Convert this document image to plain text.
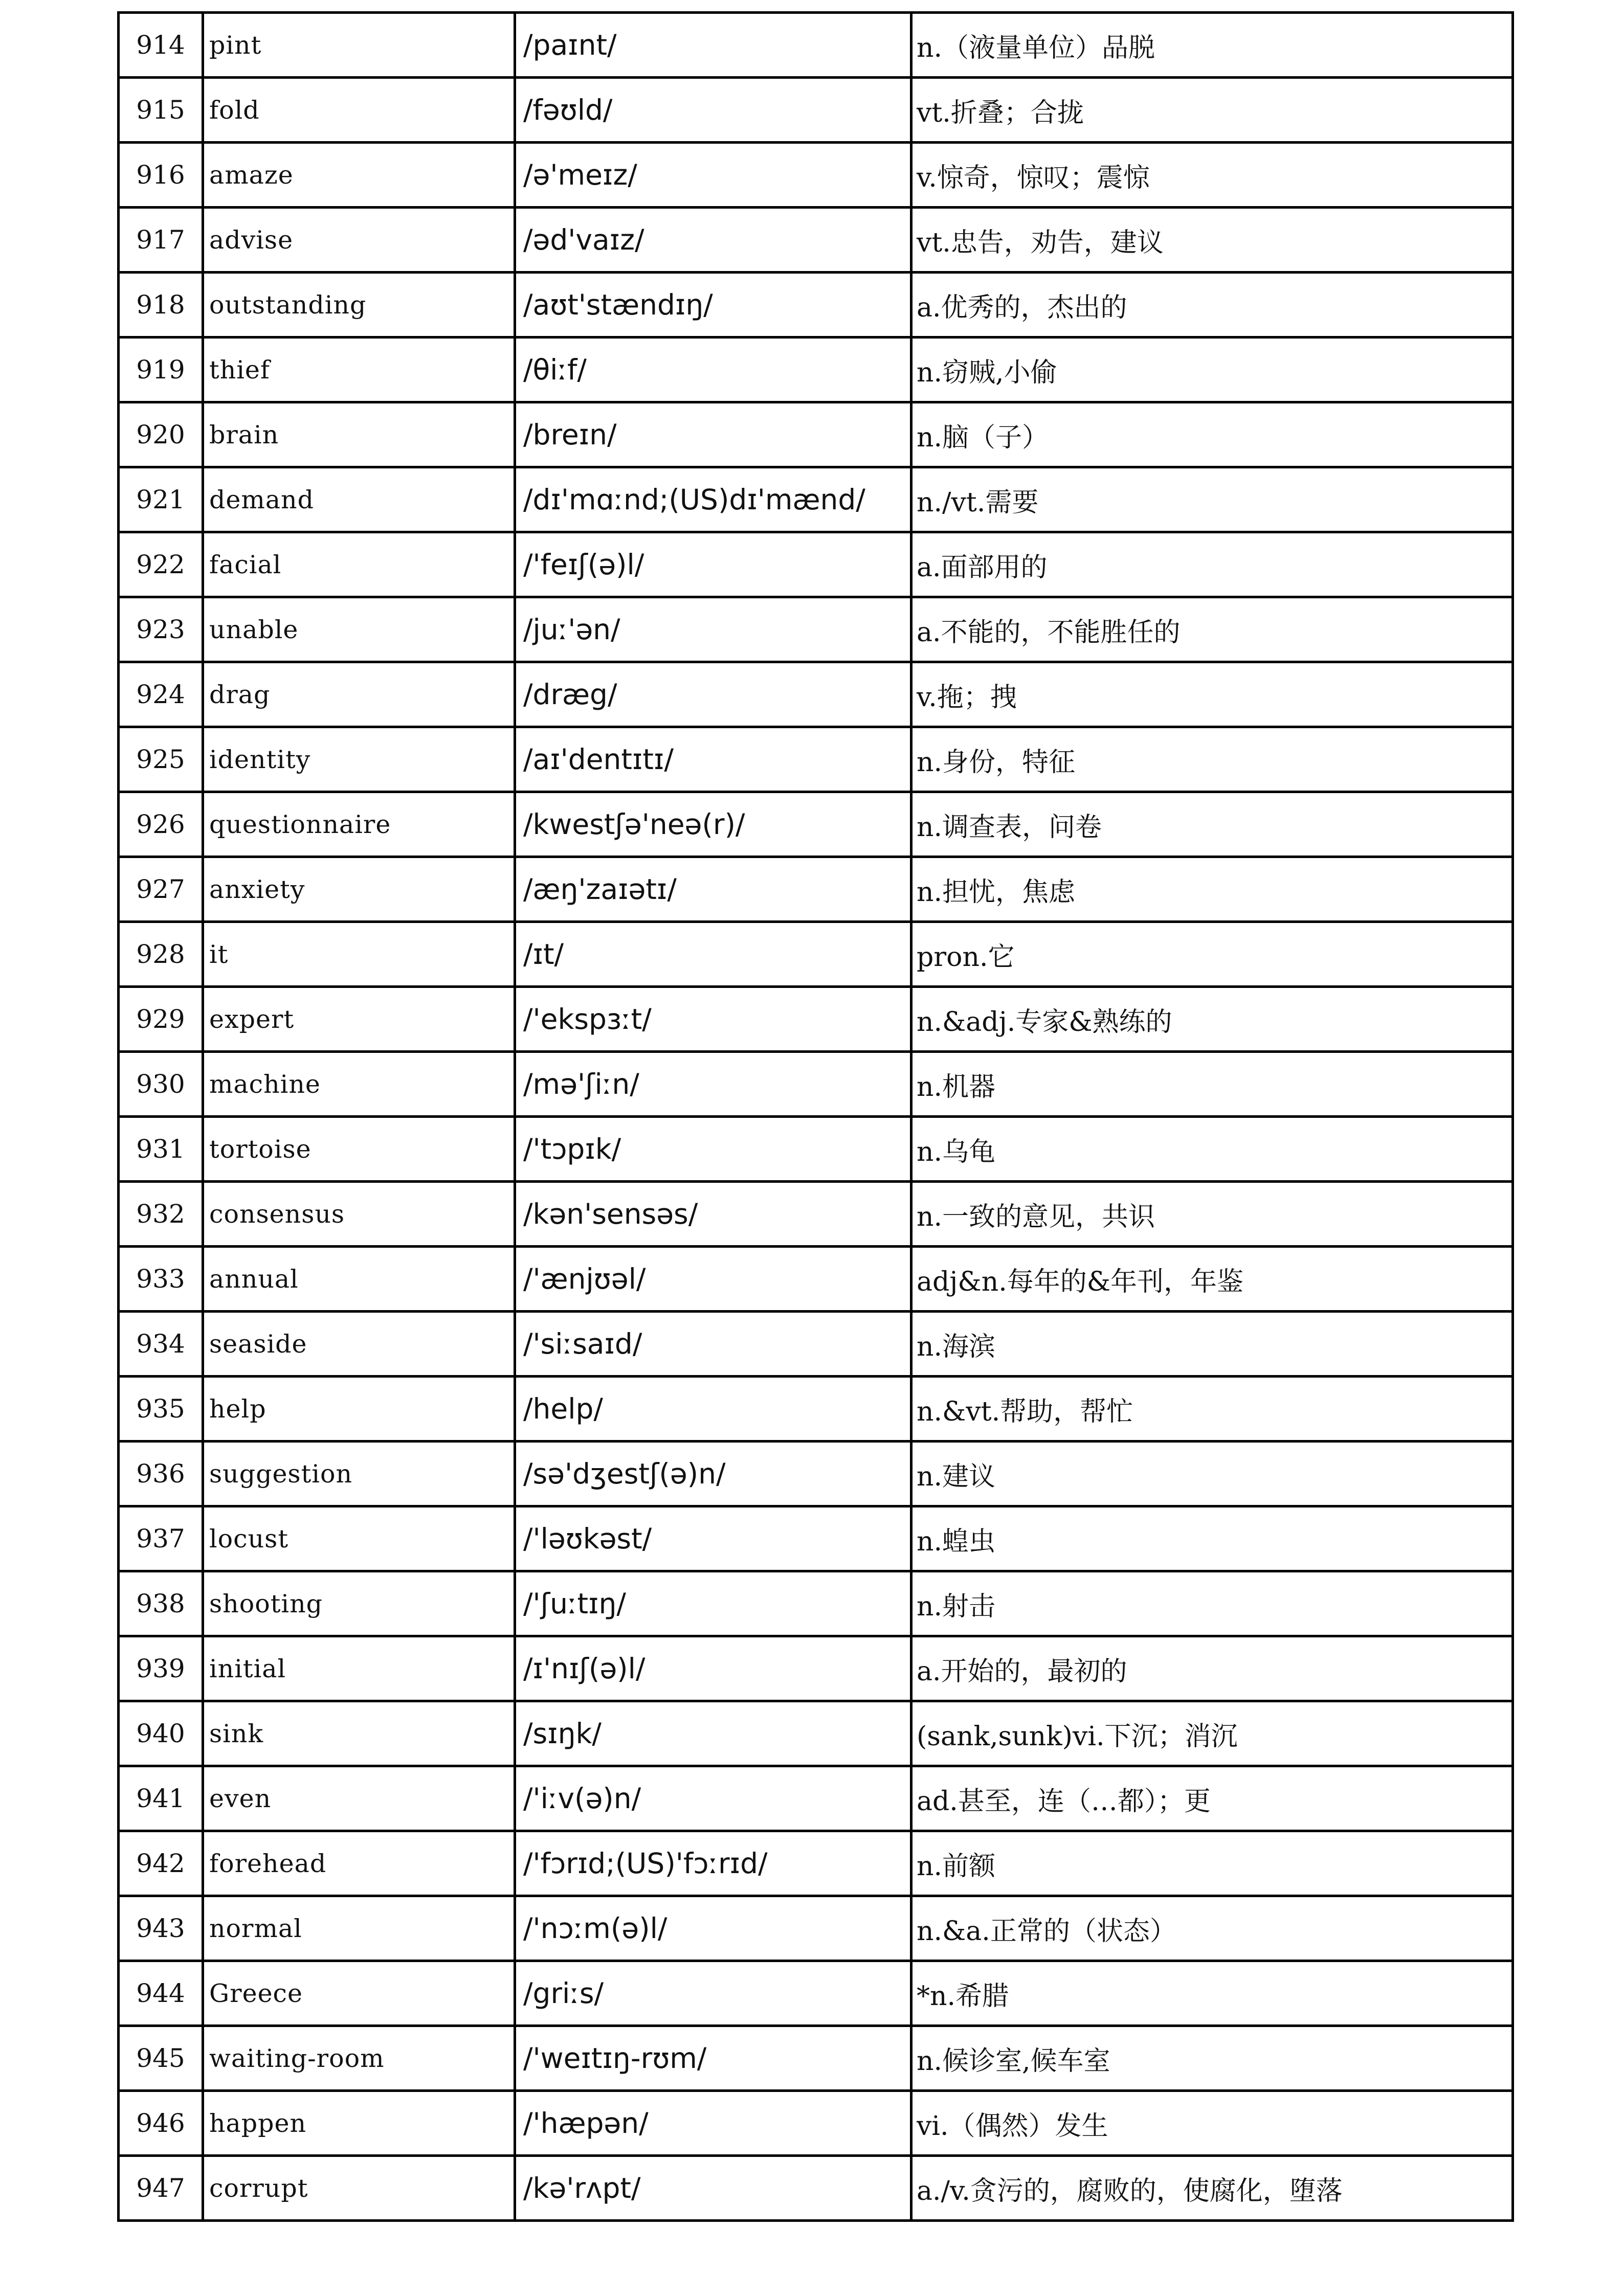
914	pint	/paɪnt/	n.（液量单位）品脱
915	fold	/fəʊld/	vt.折叠；合拢
916	amaze	/ə'meɪz/	v.惊奇，惊叹；震惊
917	advise	/əd'vaɪz/	vt.忠告，劝告，建议
918	outstanding	/aʊt'stændɪŋ/	a.优秀的，杰出的
919	thief	/θiːf/	n.窃贼,小偷
920	brain	/breɪn/	n.脑（子）
921	demand	/dɪ'mɑːnd;(US)dɪ'mænd/	n./vt.需要
922	facial	/'feɪʃ(ə)l/	a.面部用的
923	unable	/juː'ən/	a.不能的，不能胜任的
924	drag	/dræg/	v.拖；拽
925	identity	/aɪ'dentɪtɪ/	n.身份，特征
926	questionnaire	/kwestʃə'neə(r)/	n.调查表，问卷
927	anxiety	/æŋ'zaɪətɪ/	n.担忧，焦虑
928	it	/ɪt/	pron.它
929	expert	/'ekspɜːt/	n.&adj.专家&熟练的
930	machine	/mə'ʃiːn/	n.机器
931	tortoise	/'tɔpɪk/	n.乌龟
932	consensus	/kən'sensəs/	n.一致的意见，共识
933	annual	/'ænjʊəl/	adj&n.每年的&年刊，年鉴
934	seaside	/'siːsaɪd/	n.海滨
935	help	/help/	n.&vt.帮助，帮忙
936	suggestion	/sə'dʒestʃ(ə)n/	n.建议
937	locust	/'ləʊkəst/	n.蝗虫
938	shooting	/'ʃuːtɪŋ/	n.射击
939	initial	/ɪ'nɪʃ(ə)l/	a.开始的，最初的
940	sink	/sɪŋk/	(sank,sunk)vi.下沉；消沉
941	even	/'iːv(ə)n/	ad.甚至，连（…都）；更
942	forehead	/'fɔrɪd;(US)'fɔːrɪd/	n.前额
943	normal	/'nɔːm(ə)l/	n.&a.正常的（状态）
944	Greece	/griːs/	*n.希腊
945	waiting-room	/'weɪtɪŋ-rʊm/	n.候诊室,候车室
946	happen	/'hæpən/	vi.（偶然）发生
947	corrupt	/kə'rʌpt/	a./v.贪污的，腐败的，使腐化，堕落
